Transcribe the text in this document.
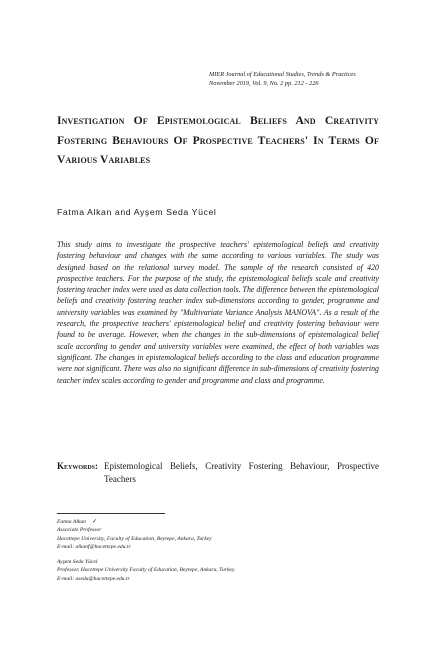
MIER Journal of Educational Studies, Trends & Practices
November 2019, Vol. 9, No. 2 pp. 212 - 226
Investigation Of Epistemological Beliefs And Creativity Fostering Behaviours Of Prospective Teachers' In Terms Of Various Variables
Fatma Alkan and Ayşem Seda Yücel
This study aims to investigate the prospective teachers' epistemological beliefs and creativity fostering behaviour and changes with the same according to various variables. The study was designed based on the relational survey model. The sample of the research consisted of 420 prospective teachers. For the purpose of the study, the epistemological beliefs scale and creativity fostering teacher index were used as data collection tools. The difference between the epistemological beliefs and creativity fostering teacher index sub-dimensions according to gender, programme and university variables was examined by "Multivariate Variance Analysis MANOVA". As a result of the research, the prospective teachers' epistemological belief and creativity fostering behaviour were found to be average. However, when the changes in the sub-dimensions of epistemological belief scale according to gender and university variables were examined, the effect of both variables was significant. The changes in epistemological beliefs according to the class and education programme were not significant. There was also no significant difference in sub-dimensions of creativity fostering teacher index scales according to gender and programme and class and programme.
Keywords: Epistemological Beliefs, Creativity Fostering Behaviour, Prospective Teachers
Fatma Alkan ✓
Associate Professor
Hacettepe University, Faculty of Education, Beytepe, Ankara, Turkey
E-mail: alkanf@hacettepe.edu.tr
Ayşem Seda Yücel
Professor, Hacettepe University Faculty of Education, Beytepe, Ankara, Turkey.
E-mail: aseda@hacettepe.edu.tr
